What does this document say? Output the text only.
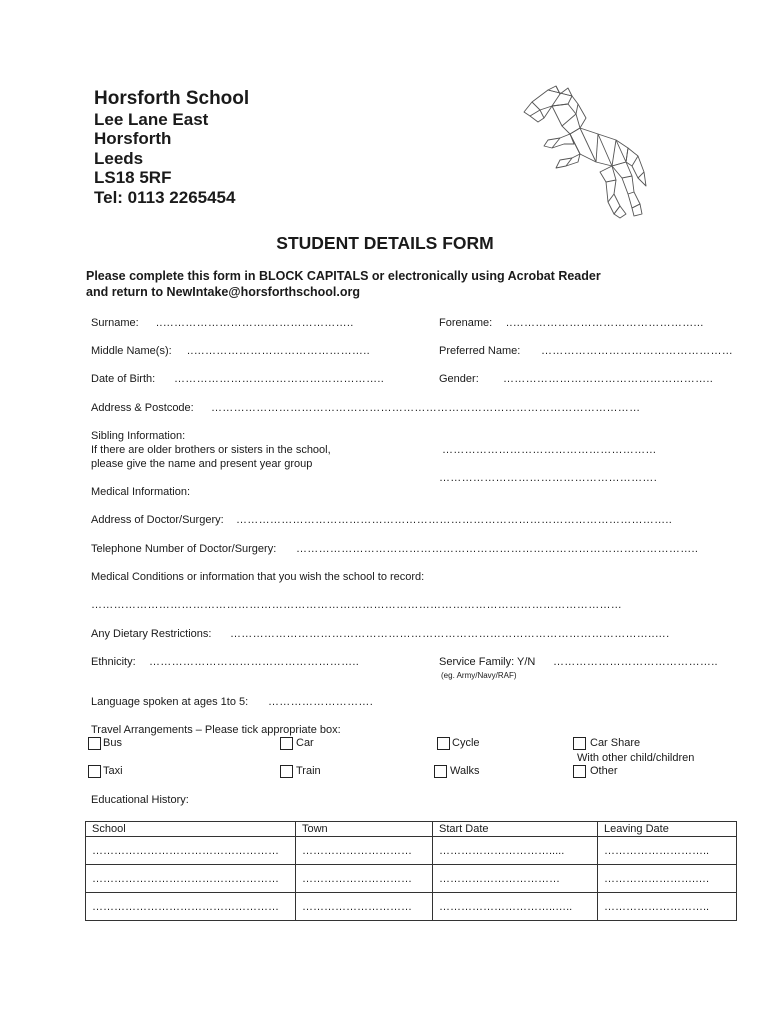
Horsforth School
Lee Lane East
Horsforth
Leeds
LS18 5RF
Tel: 0113 2265454
STUDENT DETAILS FORM
Please complete this form in BLOCK CAPITALS or electronically using Acrobat Reader
and return to NewIntake@horsforthschool.org
Surname: ..……………………….…………………..	Forename: ..…………………………………………...
Middle Name(s): ..………………………………………..	Preferred Name: ……………………………………………
Date of Birth: ………………………………………………..	Gender: ………………………………………………..
Address & Postcode: ……………………………………………………………………………………………………
Sibling Information:
If there are older brothers or sisters in the school,
please give the name and present year group
…………………………………………………
………………………………………………….
Medical Information:
Address of Doctor/Surgery: ……………………………………………………………………………………………………..
Telephone Number of Doctor/Surgery: ……………………………………………………………………………………………..
Medical Conditions or information that you wish the school to record:
……………………………………………………………………………………………………………………………
Any Dietary Restrictions: …………………………………………………………………………………………………..….
Ethnicity: ………………………………………………..	Service Family: Y/N ……………………………………..
(eg. Army/Navy/RAF)
Language spoken at ages 1to 5: ……………………….
Travel Arrangements – Please tick appropriate box:
Bus	Car	Cycle	Car Share
With other child/children
Taxi	Train	Walks	Other
Educational History:
School	Town	Start Date	Leaving Date
……………………………………………	…………………………	………………………….....	………………………..
……………………………………………	…………………………	……………………………	…………………….….
……………………………………………	…………………………	…………………………..…..	………………………..
